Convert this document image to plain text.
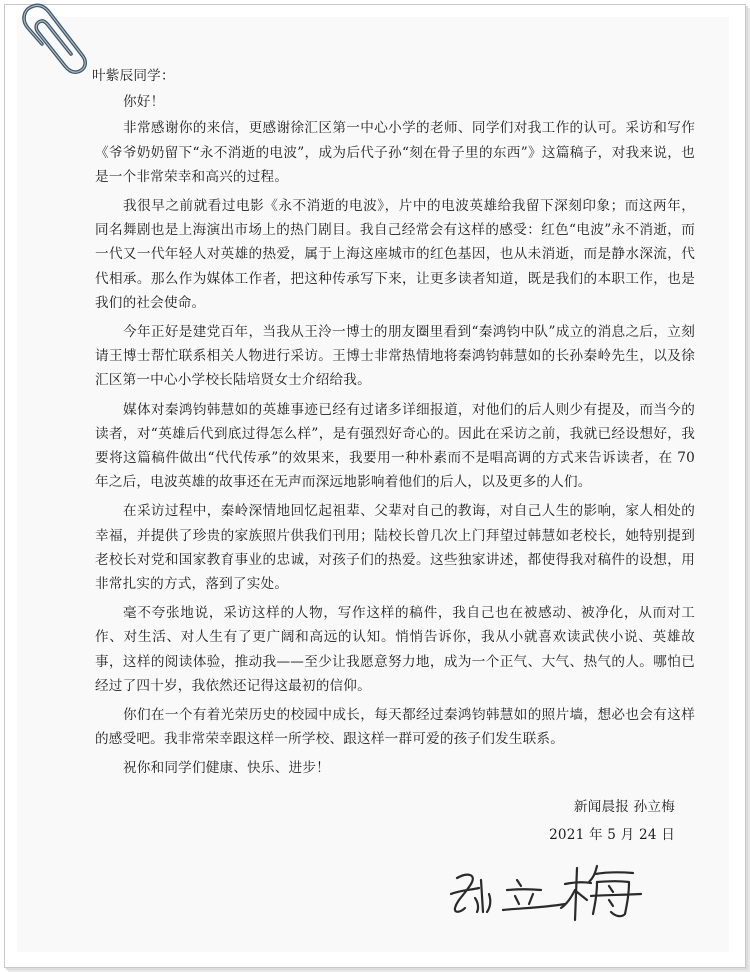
叶紫辰同学：
你好！

非常感谢你的来信，更感谢徐汇区第一中心小学的老师、同学们对我工作的认可。采访和写作《爷爷奶奶留下“永不消逝的电波”，成为后代子孙“刻在骨子里的东西”》这篇稿子，对我来说，也是一个非常荣幸和高兴的过程。

我很早之前就看过电影《永不消逝的电波》，片中的电波英雄给我留下深刻印象；而这两年，同名舞剧也是上海演出市场上的热门剧目。我自己经常会有这样的感受：红色“电波”永不消逝，而一代又一代年轻人对英雄的热爱，属于上海这座城市的红色基因，也从未消逝，而是静水深流，代代相承。那么作为媒体工作者，把这种传承写下来，让更多读者知道，既是我们的本职工作，也是我们的社会使命。

今年正好是建党百年，当我从王泠一博士的朋友圈里看到“秦鸿钧中队”成立的消息之后，立刻请王博士帮忙联系相关人物进行采访。王博士非常热情地将秦鸿钧韩慧如的长孙秦岭先生，以及徐汇区第一中心小学校长陆培贤女士介绍给我。

媒体对秦鸿钧韩慧如的英雄事迹已经有过诸多详细报道，对他们的后人则少有提及，而当今的读者，对“英雄后代到底过得怎么样”，是有强烈好奇心的。因此在采访之前，我就已经设想好，我要将这篇稿件做出“代代传承”的效果来，我要用一种朴素而不是唱高调的方式来告诉读者，在 70 年之后，电波英雄的故事还在无声而深远地影响着他们的后人，以及更多的人们。

在采访过程中，秦岭深情地回忆起祖辈、父辈对自己的教诲，对自己人生的影响，家人相处的幸福，并提供了珍贵的家族照片供我们刊用；陆校长曾几次上门拜望过韩慧如老校长，她特别提到老校长对党和国家教育事业的忠诚，对孩子们的热爱。这些独家讲述，都使得我对稿件的设想，用非常扎实的方式，落到了实处。

毫不夸张地说，采访这样的人物，写作这样的稿件，我自己也在被感动、被净化，从而对工作、对生活、对人生有了更广阔和高远的认知。悄悄告诉你，我从小就喜欢读武侠小说、英雄故事，这样的阅读体验，推动我——至少让我愿意努力地，成为一个正气、大气、热气的人。哪怕已经过了四十岁，我依然还记得这最初的信仰。

你们在一个有着光荣历史的校园中成长，每天都经过秦鸿钧韩慧如的照片墙，想必也会有这样的感受吧。我非常荣幸跟这样一所学校、跟这样一群可爱的孩子们发生联系。

祝你和同学们健康、快乐、进步！
新闻晨报 孙立梅
2021 年 5 月 24 日
